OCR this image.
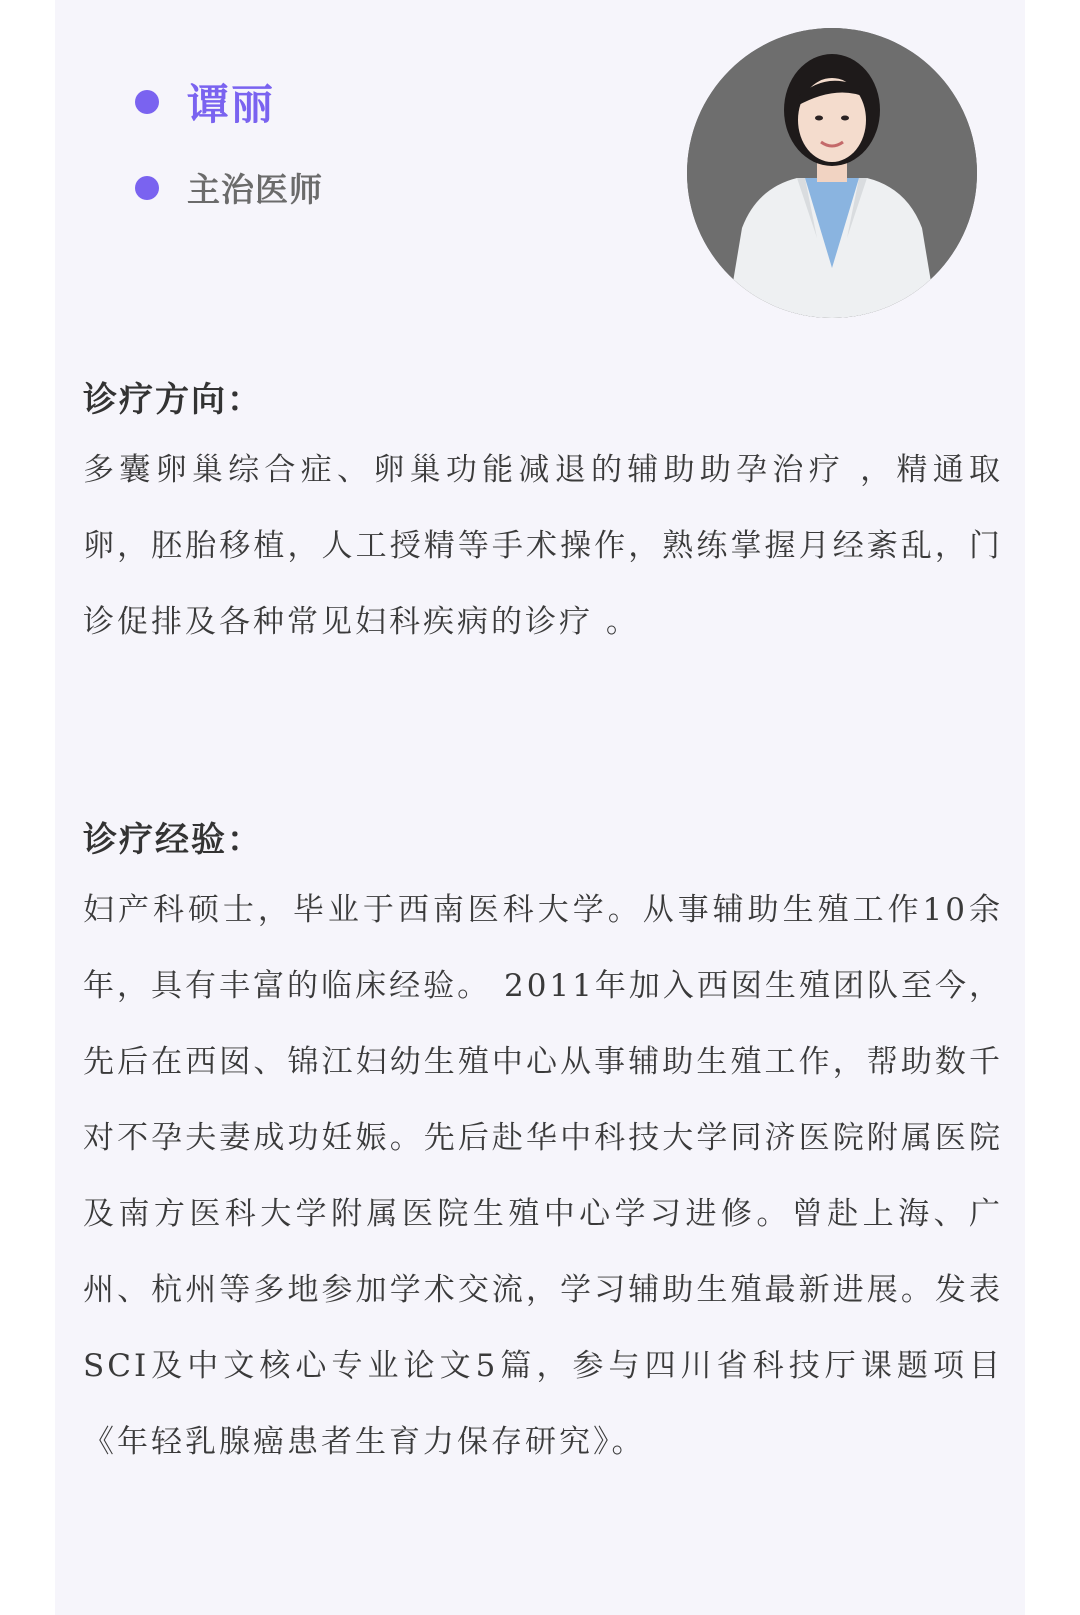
谭丽
主治医师
诊疗方向：
多囊卵巢综合症、卵巢功能减退的辅助助孕治疗 ，精通取卵，胚胎移植，人工授精等手术操作，熟练掌握月经紊乱，门诊促排及各种常见妇科疾病的诊疗 。
诊疗经验：
妇产科硕士，毕业于西南医科大学。从事辅助生殖工作10余年，具有丰富的临床经验。 2011年加入西囡生殖团队至今，先后在西囡、锦江妇幼生殖中心从事辅助生殖工作，帮助数千对不孕夫妻成功妊娠。先后赴华中科技大学同济医院附属医院及南方医科大学附属医院生殖中心学习进修。曾赴上海、广州、杭州等多地参加学术交流，学习辅助生殖最新进展。发表SCI及中文核心专业论文5篇，参与四川省科技厅课题项目《年轻乳腺癌患者生育力保存研究》。
